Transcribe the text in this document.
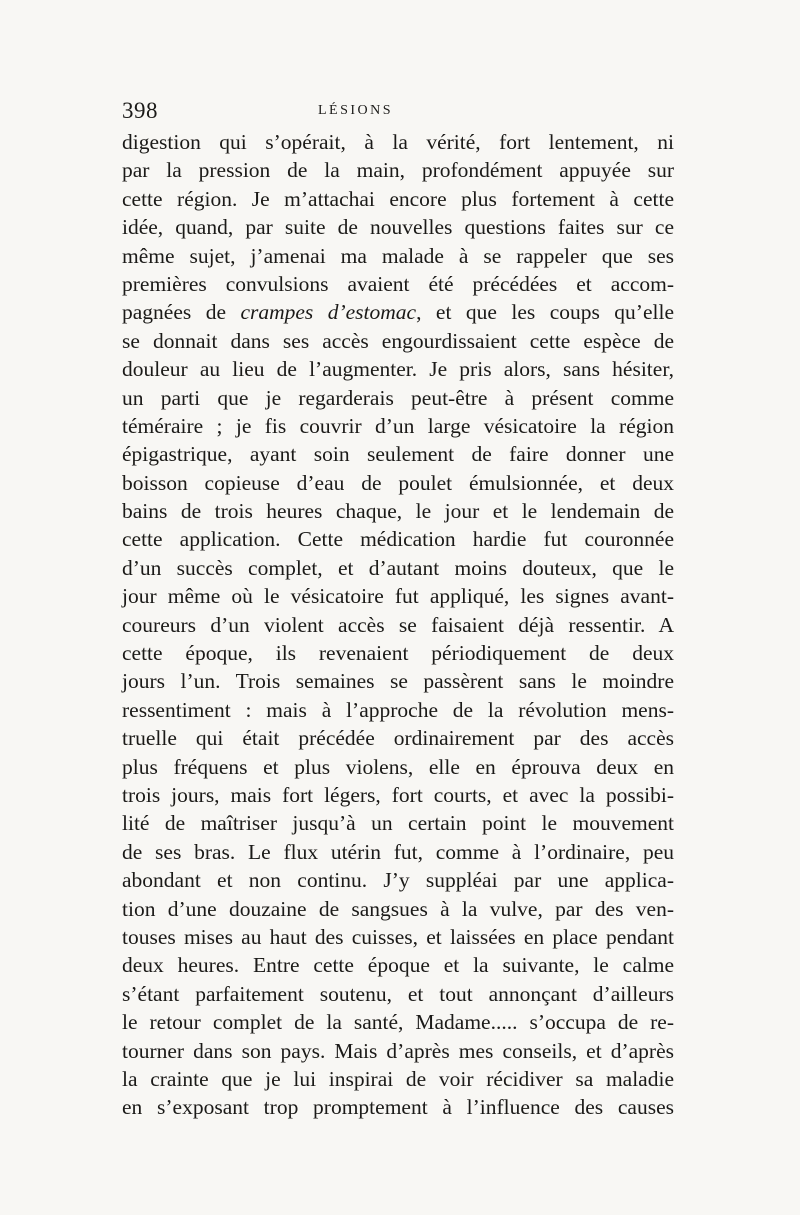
398	LÉSIONS
digestion qui s’opérait, à la vérité, fort lentement, ni
par la pression de la main, profondément appuyée sur
cette région. Je m’attachai encore plus fortement à cette
idée, quand, par suite de nouvelles questions faites sur ce
même sujet, j’amenai ma malade à se rappeler que ses
premières convulsions avaient été précédées et accom-
pagnées de crampes d’estomac, et que les coups qu’elle
se donnait dans ses accès engourdissaient cette espèce de
douleur au lieu de l’augmenter. Je pris alors, sans hésiter,
un parti que je regarderais peut-être à présent comme
téméraire ; je fis couvrir d’un large vésicatoire la région
épigastrique, ayant soin seulement de faire donner une
boisson copieuse d’eau de poulet émulsionnée, et deux
bains de trois heures chaque, le jour et le lendemain de
cette application. Cette médication hardie fut couronnée
d’un succès complet, et d’autant moins douteux, que le
jour même où le vésicatoire fut appliqué, les signes avant-
coureurs d’un violent accès se faisaient déjà ressentir. A
cette époque, ils revenaient périodiquement de deux
jours l’un. Trois semaines se passèrent sans le moindre
ressentiment : mais à l’approche de la révolution mens-
truelle qui était précédée ordinairement par des accès
plus fréquens et plus violens, elle en éprouva deux en
trois jours, mais fort légers, fort courts, et avec la possibi-
lité de maîtriser jusqu’à un certain point le mouvement
de ses bras. Le flux utérin fut, comme à l’ordinaire, peu
abondant et non continu. J’y suppléai par une applica-
tion d’une douzaine de sangsues à la vulve, par des ven-
touses mises au haut des cuisses, et laissées en place pendant
deux heures. Entre cette époque et la suivante, le calme
s’étant parfaitement soutenu, et tout annonçant d’ailleurs
le retour complet de la santé, Madame..... s’occupa de re-
tourner dans son pays. Mais d’après mes conseils, et d’après
la crainte que je lui inspirai de voir récidiver sa maladie
en s’exposant trop promptement à l’influence des causes
